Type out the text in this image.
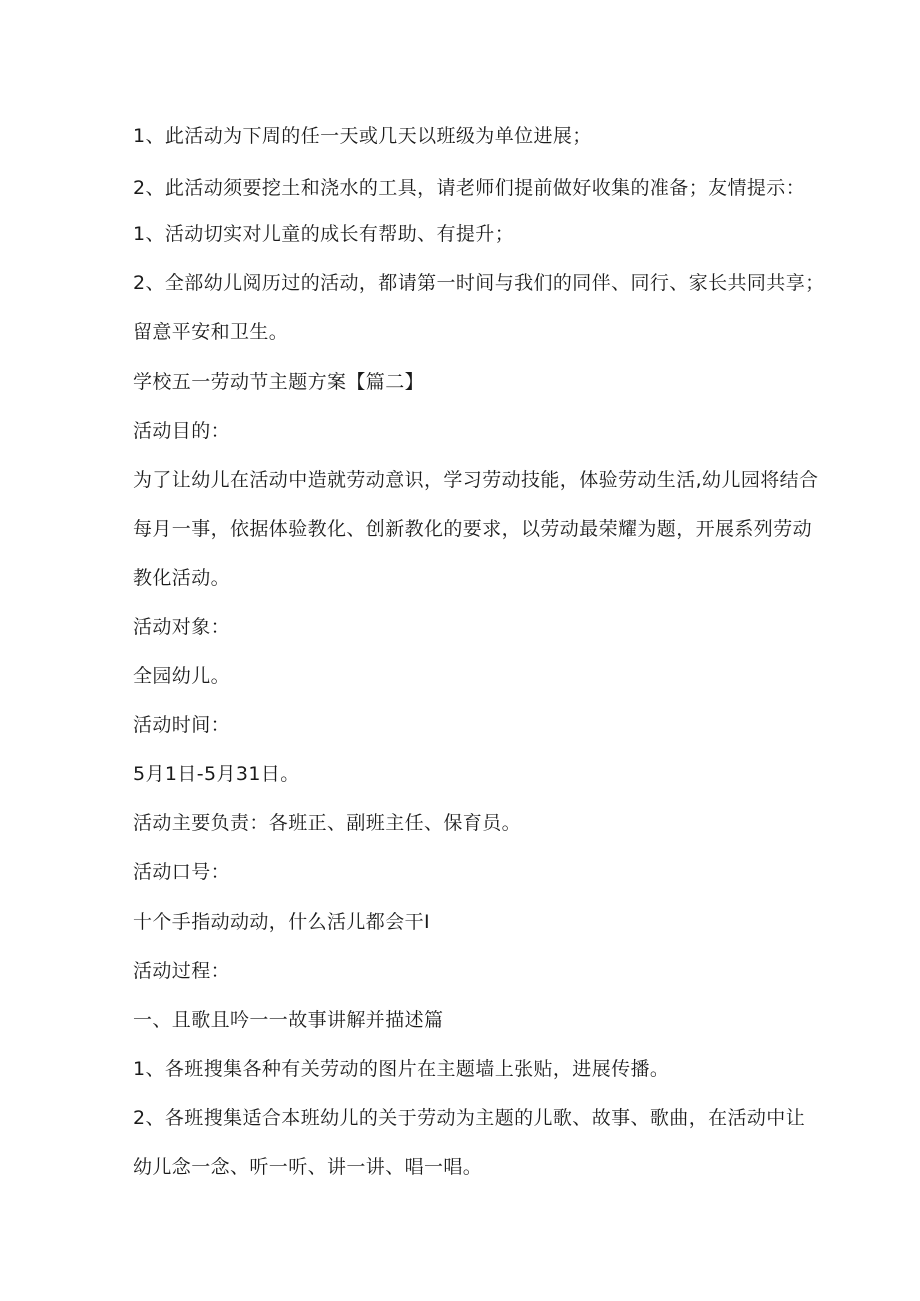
1、此活动为下周的任一天或几天以班级为单位进展；
2、此活动须要挖土和浇水的工具，请老师们提前做好收集的准备；友情提示：
1、活动切实对儿童的成长有帮助、有提升；
2、全部幼儿阅历过的活动，都请第一时间与我们的同伴、同行、家长共同共享；
留意平安和卫生。
学校五一劳动节主题方案【篇二】
活动目的：
为了让幼儿在活动中造就劳动意识，学习劳动技能，体验劳动生活,幼儿园将结合
每月一事，依据体验教化、创新教化的要求，以劳动最荣耀为题，开展系列劳动
教化活动。
活动对象：
全园幼儿。
活动时间：
5月1日-5月31日。
活动主要负责：各班正、副班主任、保育员。
活动口号：
十个手指动动动，什么活儿都会干I
活动过程：
一、且歌且吟一一故事讲解并描述篇
1、各班搜集各种有关劳动的图片在主题墙上张贴，进展传播。
2、各班搜集适合本班幼儿的关于劳动为主题的儿歌、故事、歌曲，在活动中让
幼儿念一念、听一听、讲一讲、唱一唱。
